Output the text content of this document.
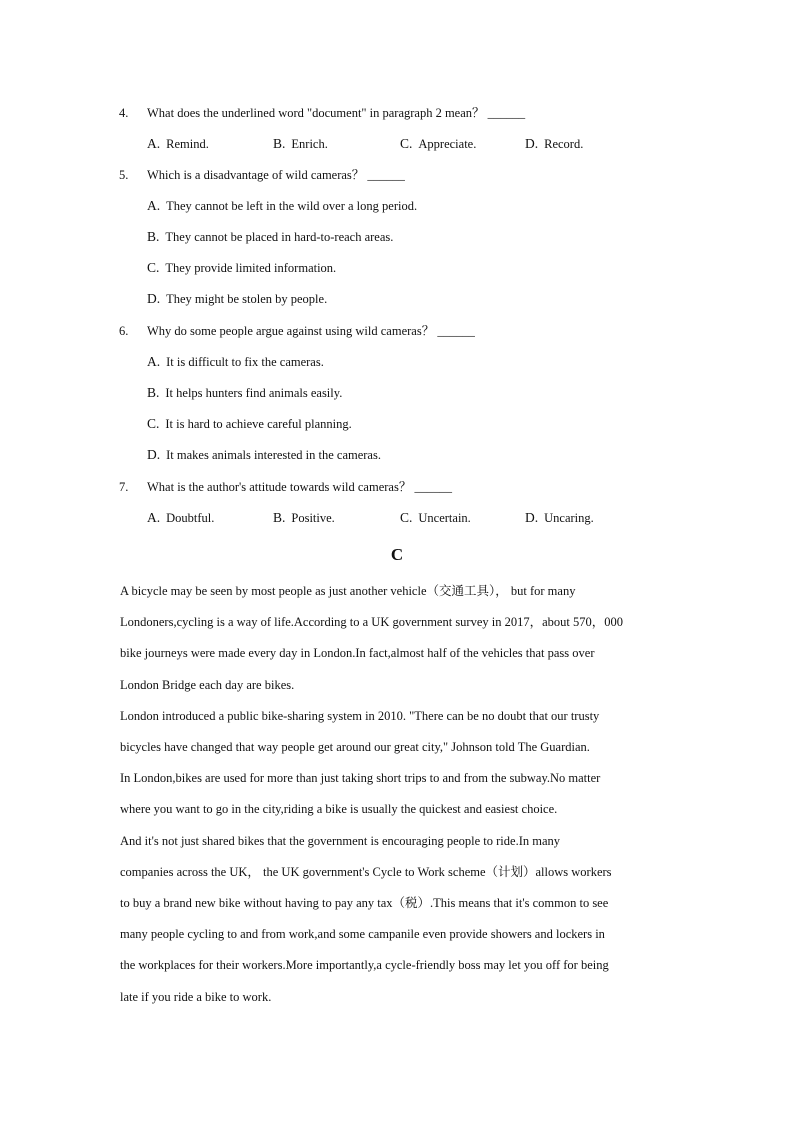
4. What does the underlined word "document" in paragraph 2 mean？ ______
A. Remind.	B. Enrich.	C. Appreciate.	D. Record.
5. Which is a disadvantage of wild cameras？ ______
A. They cannot be left in the wild over a long period.
B. They cannot be placed in hard-to-reach areas.
C. They provide limited information.
D. They might be stolen by people.
6. Why do some people argue against using wild cameras？ ______
A. It is difficult to fix the cameras.
B. It helps hunters find animals easily.
C. It is hard to achieve careful planning.
D. It makes animals interested in the cameras.
7. What is the author's attitude towards wild cameras？ ______
A. Doubtful.	B. Positive.	C. Uncertain.	D. Uncaring.
C
A bicycle may be seen by most people as just another vehicle（交通工具）， but for many
Londoners,cycling is a way of life.According to a UK government survey in 2017，about 570，000
bike journeys were made every day in London.In fact,almost half of the vehicles that pass over
London Bridge each day are bikes.
London introduced a public bike-sharing system in 2010. "There can be no doubt that our trusty
bicycles have changed that way people get around our great city," Johnson told The Guardian.
In London,bikes are used for more than just taking short trips to and from the subway.No matter
where you want to go in the city,riding a bike is usually the quickest and easiest choice.
And it's not just shared bikes that the government is encouraging people to ride.In many
companies across the UK， the UK government's Cycle to Work scheme（计划）allows workers
to buy a brand new bike without having to pay any tax（税）.This means that it's common to see
many people cycling to and from work,and some campanile even provide showers and lockers in
the workplaces for their workers.More importantly,a cycle-friendly boss may let you off for being
late if you ride a bike to work.
